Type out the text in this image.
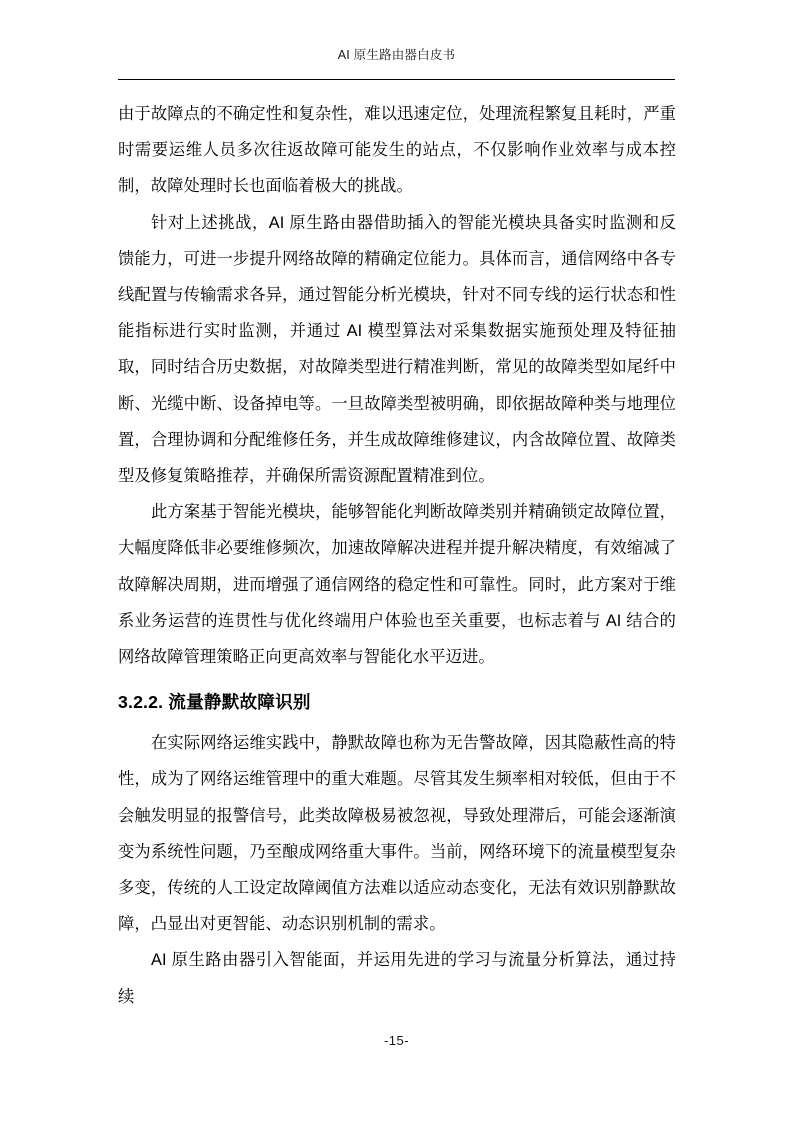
AI 原生路由器白皮书

由于故障点的不确定性和复杂性，难以迅速定位，处理流程繁复且耗时，严重时需要运维人员多次往返故障可能发生的站点，不仅影响作业效率与成本控制，故障处理时长也面临着极大的挑战。

针对上述挑战，AI 原生路由器借助插入的智能光模块具备实时监测和反馈能力，可进一步提升网络故障的精确定位能力。具体而言，通信网络中各专线配置与传输需求各异，通过智能分析光模块，针对不同专线的运行状态和性能指标进行实时监测，并通过 AI 模型算法对采集数据实施预处理及特征抽取，同时结合历史数据，对故障类型进行精准判断，常见的故障类型如尾纤中断、光缆中断、设备掉电等。一旦故障类型被明确，即依据故障种类与地理位置，合理协调和分配维修任务，并生成故障维修建议，内含故障位置、故障类型及修复策略推荐，并确保所需资源配置精准到位。

此方案基于智能光模块，能够智能化判断故障类别并精确锁定故障位置，大幅度降低非必要维修频次，加速故障解决进程并提升解决精度，有效缩减了故障解决周期，进而增强了通信网络的稳定性和可靠性。同时，此方案对于维系业务运营的连贯性与优化终端用户体验也至关重要，也标志着与 AI 结合的网络故障管理策略正向更高效率与智能化水平迈进。

3.2.2. 流量静默故障识别

在实际网络运维实践中，静默故障也称为无告警故障，因其隐蔽性高的特性，成为了网络运维管理中的重大难题。尽管其发生频率相对较低，但由于不会触发明显的报警信号，此类故障极易被忽视，导致处理滞后，可能会逐渐演变为系统性问题，乃至酿成网络重大事件。当前，网络环境下的流量模型复杂多变，传统的人工设定故障阈值方法难以适应动态变化，无法有效识别静默故障，凸显出对更智能、动态识别机制的需求。

AI 原生路由器引入智能面，并运用先进的学习与流量分析算法，通过持续

-15-
